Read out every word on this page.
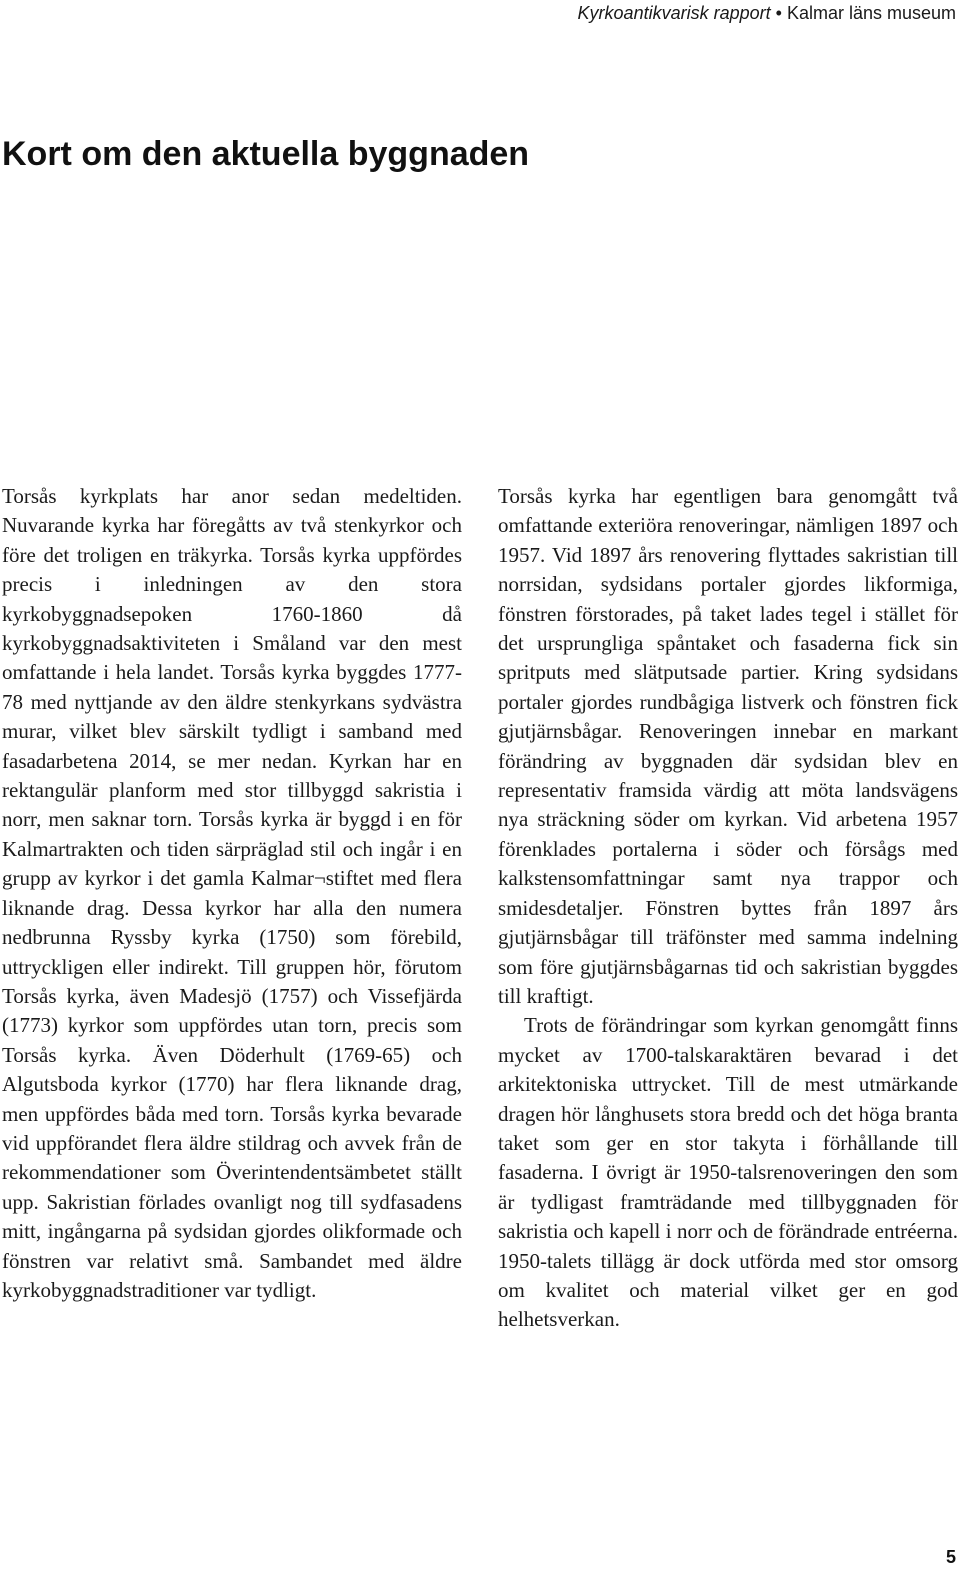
Kyrkoantikvarisk rapport • Kalmar läns museum
Kort om den aktuella byggnaden

Torsås kyrkplats har anor sedan medeltiden. Nuvarande kyrka har föregåtts av två stenkyrkor och före det troligen en träkyrka. Torsås kyrka uppfördes precis i inledningen av den stora kyrkobyggnadsepoken 1760-1860 då kyrkobyggnadsaktiviteten i Småland var den mest omfattande i hela landet. Torsås kyrka byggdes 1777-78 med nyttjande av den äldre stenkyrkans sydvästra murar, vilket blev särskilt tydligt i samband med fasadarbetena 2014, se mer nedan. Kyrkan har en rektangulär planform med stor tillbyggd sakristia i norr, men saknar torn. Torsås kyrka är byggd i en för Kalmartrakten och tiden särpräglad stil och ingår i en grupp av kyrkor i det gamla Kalmar¬stiftet med flera liknande drag. Dessa kyrkor har alla den numera nedbrunna Ryssby kyrka (1750) som förebild, uttryckligen eller indirekt. Till gruppen hör, förutom Torsås kyrka, även Madesjö (1757) och Vissefjärda (1773) kyrkor som uppfördes utan torn, precis som Torsås kyrka. Även Döderhult (1769-65) och Algutsboda kyrkor (1770) har flera liknande drag, men uppfördes båda med torn. Torsås kyrka bevarade vid uppförandet flera äldre stildrag och avvek från de rekommendationer som Överintendentsämbetet ställt upp. Sakristian förlades ovanligt nog till sydfasadens mitt, ingångarna på sydsidan gjordes olikformade och fönstren var relativt små. Sambandet med äldre kyrkobyggnadstraditioner var tydligt.

Torsås kyrka har egentligen bara genomgått två omfattande exteriöra renoveringar, nämligen 1897 och 1957. Vid 1897 års renovering flyttades sakristian till norrsidan, sydsidans portaler gjordes likformiga, fönstren förstorades, på taket lades tegel i stället för det ursprungliga spåntaket och fasaderna fick sin spritputs med slätputsade partier. Kring sydsidans portaler gjordes rundbågiga listverk och fönstren fick gjutjärnsbågar. Renoveringen innebar en markant förändring av byggnaden där sydsidan blev en representativ framsida värdig att möta landsvägens nya sträckning söder om kyrkan. Vid arbetena 1957 förenklades portalerna i söder och försågs med kalkstensomfattningar samt nya trappor och smidesdetaljer. Fönstren byttes från 1897 års gjutjärnsbågar till träfönster med samma indelning som före gjutjärnsbågarnas tid och sakristian byggdes till kraftigt.

Trots de förändringar som kyrkan genomgått finns mycket av 1700-talskaraktären bevarad i det arkitektoniska uttrycket. Till de mest utmärkande dragen hör långhusets stora bredd och det höga branta taket som ger en stor takyta i förhållande till fasaderna. I övrigt är 1950-talsrenoveringen den som är tydligast framträdande med tillbyggnaden för sakristia och kapell i norr och de förändrade entréerna. 1950-talets tillägg är dock utförda med stor omsorg om kvalitet och material vilket ger en god helhetsverkan.

5
